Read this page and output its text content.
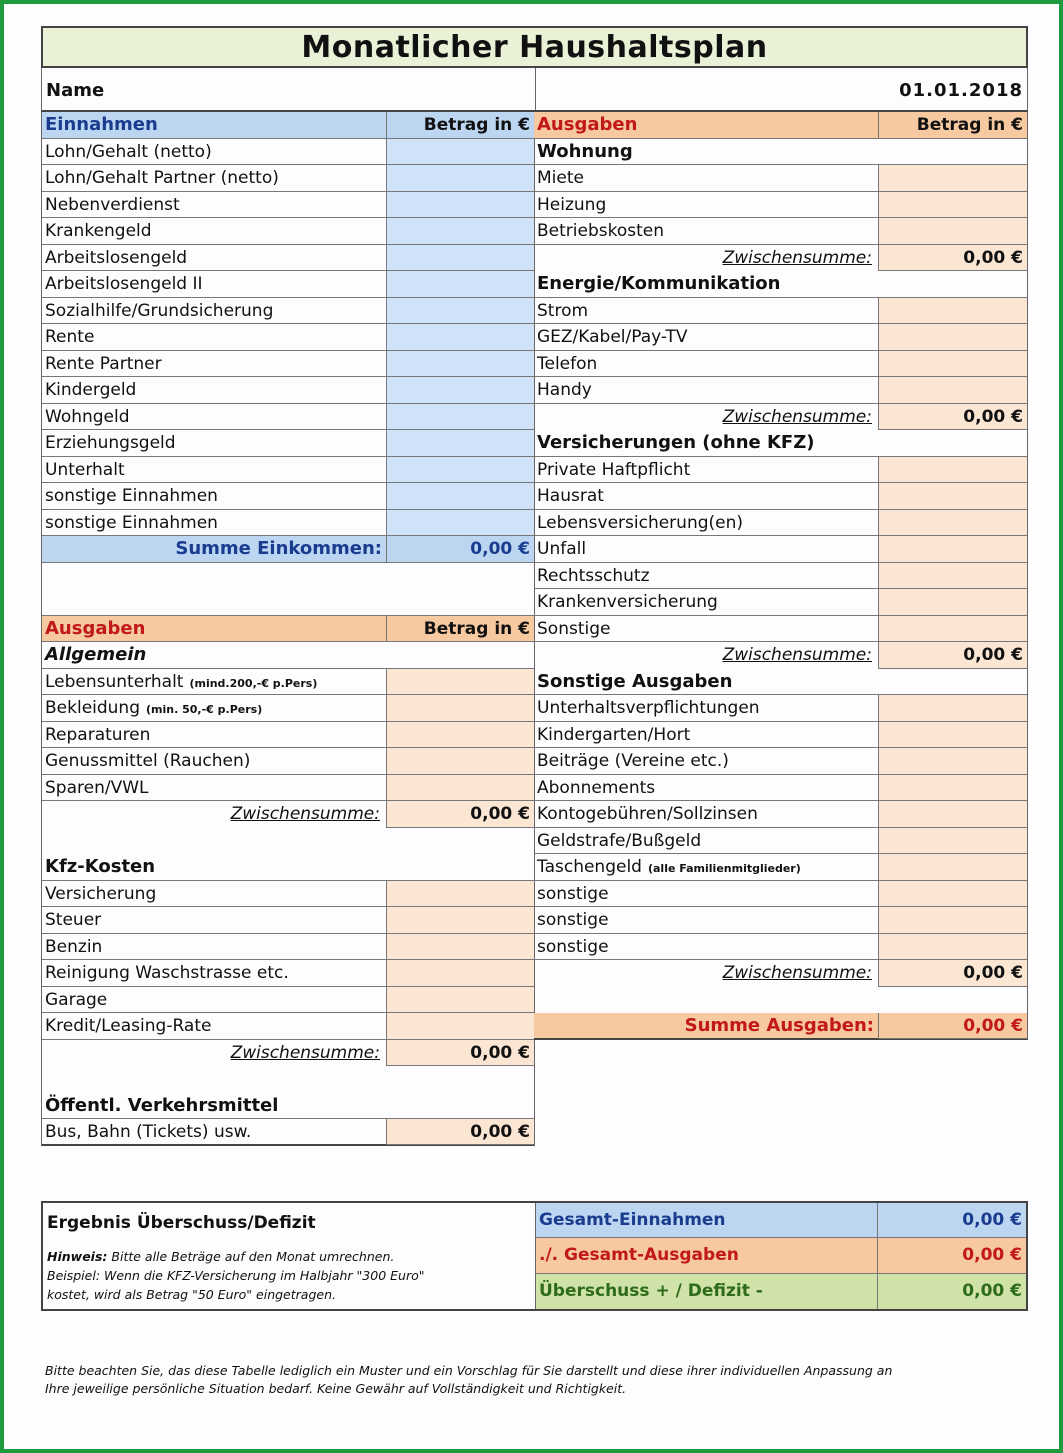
Monatlicher Haushaltsplan
Name	01.01.2018
Einnahmen	Betrag in €
Lohn/Gehalt (netto)
Lohn/Gehalt Partner (netto)
Nebenverdienst
Krankengeld
Arbeitslosengeld
Arbeitslosengeld II
Sozialhilfe/Grundsicherung
Rente
Rente Partner
Kindergeld
Wohngeld
Erziehungsgeld
Unterhalt
sonstige Einnahmen
sonstige Einnahmen
Summe Einkommen:	0,00 €
Ausgaben	Betrag in €
Allgemein
Lebensunterhalt (mind.200,-€ p.Pers)
Bekleidung (min. 50,-€ p.Pers)
Reparaturen
Genussmittel (Rauchen)
Sparen/VWL
Zwischensumme:	0,00 €
Kfz-Kosten
Versicherung
Steuer
Benzin
Reinigung Waschstrasse etc.
Garage
Kredit/Leasing-Rate
Zwischensumme:	0,00 €
Öffentl. Verkehrsmittel
Bus, Bahn (Tickets) usw.	0,00 €
Ausgaben	Betrag in €
Wohnung
Miete
Heizung
Betriebskosten
Zwischensumme:	0,00 €
Energie/Kommunikation
Strom
GEZ/Kabel/Pay-TV
Telefon
Handy
Zwischensumme:	0,00 €
Versicherungen (ohne KFZ)
Private Haftpflicht
Hausrat
Lebensversicherung(en)
Unfall
Rechtsschutz
Krankenversicherung
Sonstige
Zwischensumme:	0,00 €
Sonstige Ausgaben
Unterhaltsverpflichtungen
Kindergarten/Hort
Beiträge (Vereine etc.)
Abonnements
Kontogebühren/Sollzinsen
Geldstrafe/Bußgeld
Taschengeld (alle Familienmitglieder)
sonstige
sonstige
sonstige
Zwischensumme:	0,00 €
Summe Ausgaben:	0,00 €
Ergebnis Überschuss/Defizit
Hinweis: Bitte alle Beträge auf den Monat umrechnen.
Beispiel: Wenn die KFZ-Versicherung im Halbjahr "300 Euro"
kostet, wird als Betrag "50 Euro" eingetragen.
Gesamt-Einnahmen	0,00 €
./. Gesamt-Ausgaben	0,00 €
Überschuss + / Defizit -	0,00 €
Bitte beachten Sie, das diese Tabelle lediglich ein Muster und ein Vorschlag für Sie darstellt und diese ihrer individuellen Anpassung an
Ihre jeweilige persönliche Situation bedarf. Keine Gewähr auf Vollständigkeit und Richtigkeit.
